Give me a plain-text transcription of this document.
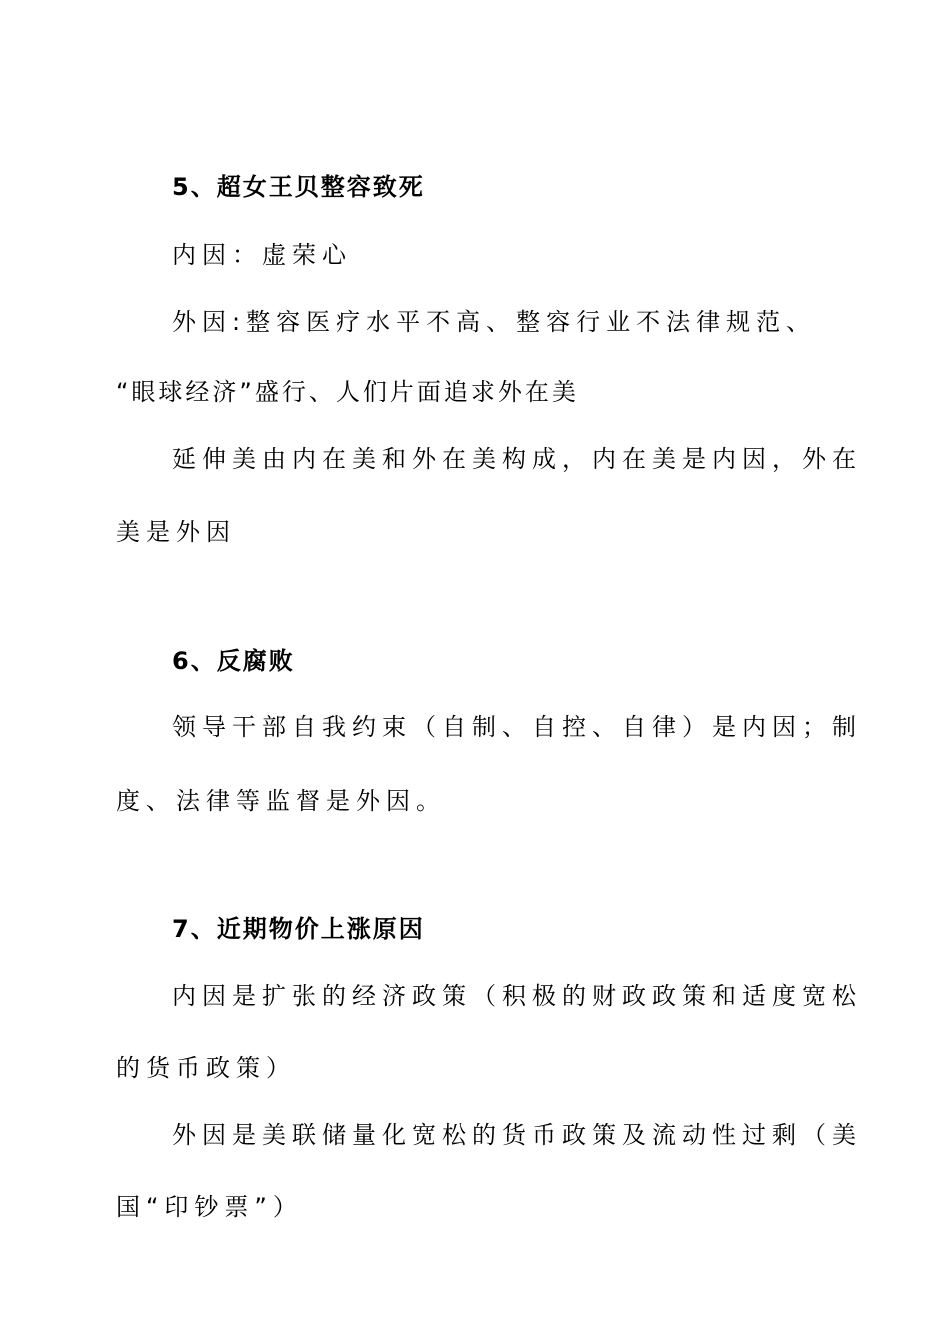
5、超女王贝整容致死
内因：虚荣心
外因:整容医疗水平不高、整容行业不法律规范、
“眼球经济”盛行、人们片面追求外在美
延伸美由内在美和外在美构成，内在美是内因，外在
美是外因
6、反腐败
领导干部自我约束（自制、自控、自律）是内因；制
度、法律等监督是外因。
7、近期物价上涨原因
内因是扩张的经济政策（积极的财政政策和适度宽松
的货币政策）
外因是美联储量化宽松的货币政策及流动性过剩（美
国“印钞票”）
